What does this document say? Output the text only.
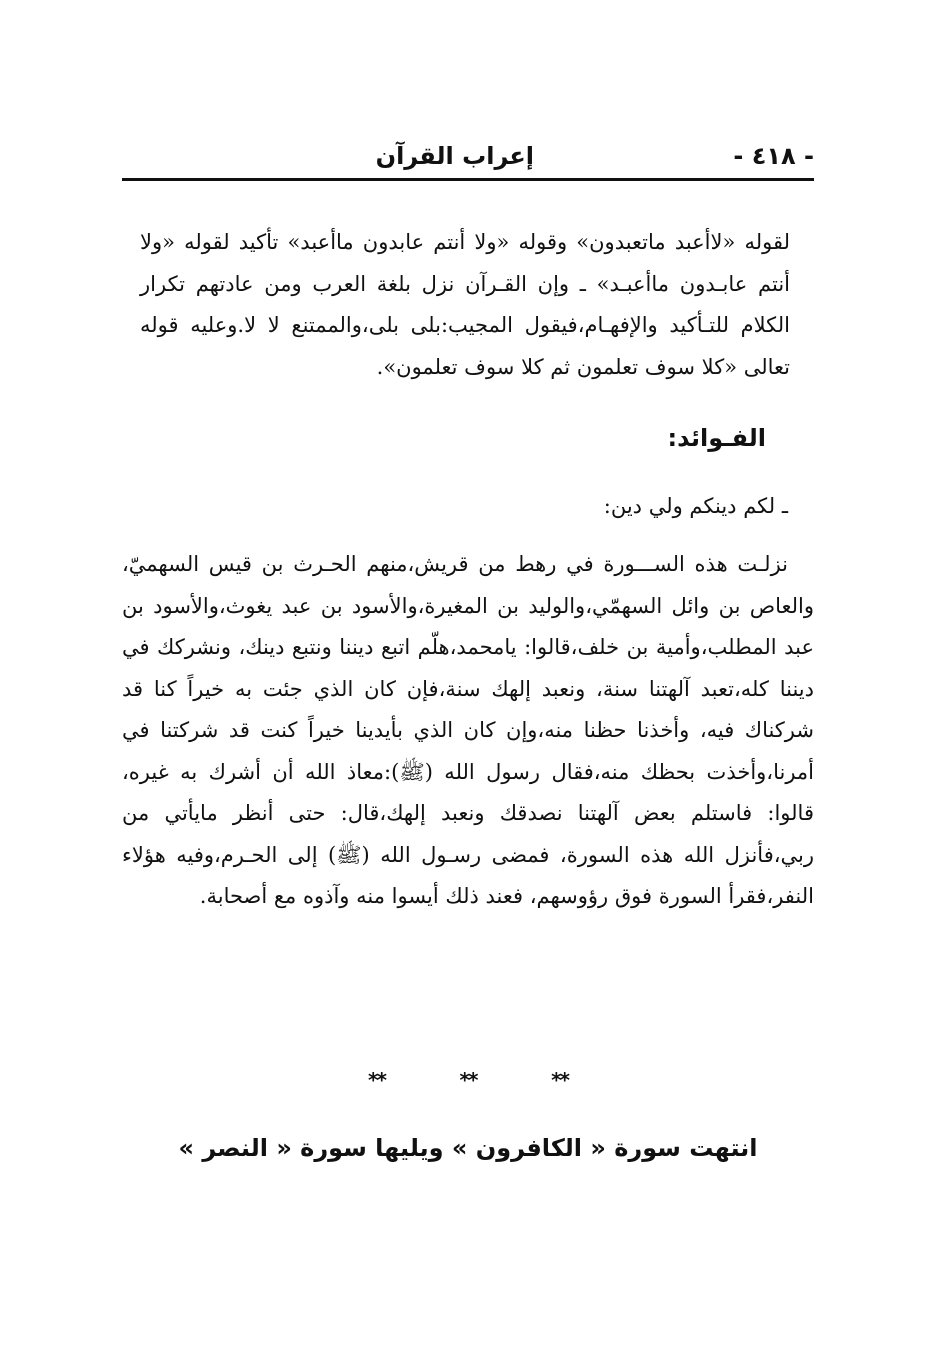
- ٤١٨ -
إعراب القرآن

لقوله «لاأعبد ماتعبدون» وقوله «ولا أنتم عابدون ماأعبد» تأكيد لقوله «ولا أنتم عابـدون ماأعبـد» ـ وإن القـرآن نزل بلغة العرب ومن عادتهم تكرار الكلام للتـأكيد والإفهـام،فيقول المجيب:بلى بلى،والممتنع لا لا.وعليه قوله تعالى «كلا سوف تعلمون ثم كلا سوف تعلمون».

الفـوائد:
ـ لكم دينكم ولي دين:

نزلـت هذه الســـورة في رهط من قريش،منهم الحـرث بن قيس السهميّ، والعاص بن وائل السهمّي،والوليد بن المغيرة،والأسود بن عبد يغوث،والأسود بن عبد المطلب،وأمية بن خلف،قالوا: يامحمد،هلّم اتبع ديننا ونتبع دينك، ونشركك في ديننا كله،تعبد آلهتنا سنة، ونعبد إلهك سنة،فإن كان الذي جئت به خيراً كنا قد شركناك فيه، وأخذنا حظنا منه،وإن كان الذي بأيدينا خيراً كنت قد شركتنا في أمرنا،وأخذت بحظك منه،فقال رسول الله (ﷺ):معاذ الله أن أشرك به غيره، قالوا: فاستلم بعض آلهتنا نصدقك ونعبد إلهك،قال: حتى أنظر مايأتي من ربي،فأنزل الله هذه السورة، فمضى رسـول الله (ﷺ) إلى الحـرم،وفيه هؤلاء النفر،فقرأ السورة فوق رؤوسهم، فعند ذلك أيسوا منه وآذوه مع أصحابة.

**	**	**
انتهت سورة « الكافرون » ويليها سورة « النصر »
